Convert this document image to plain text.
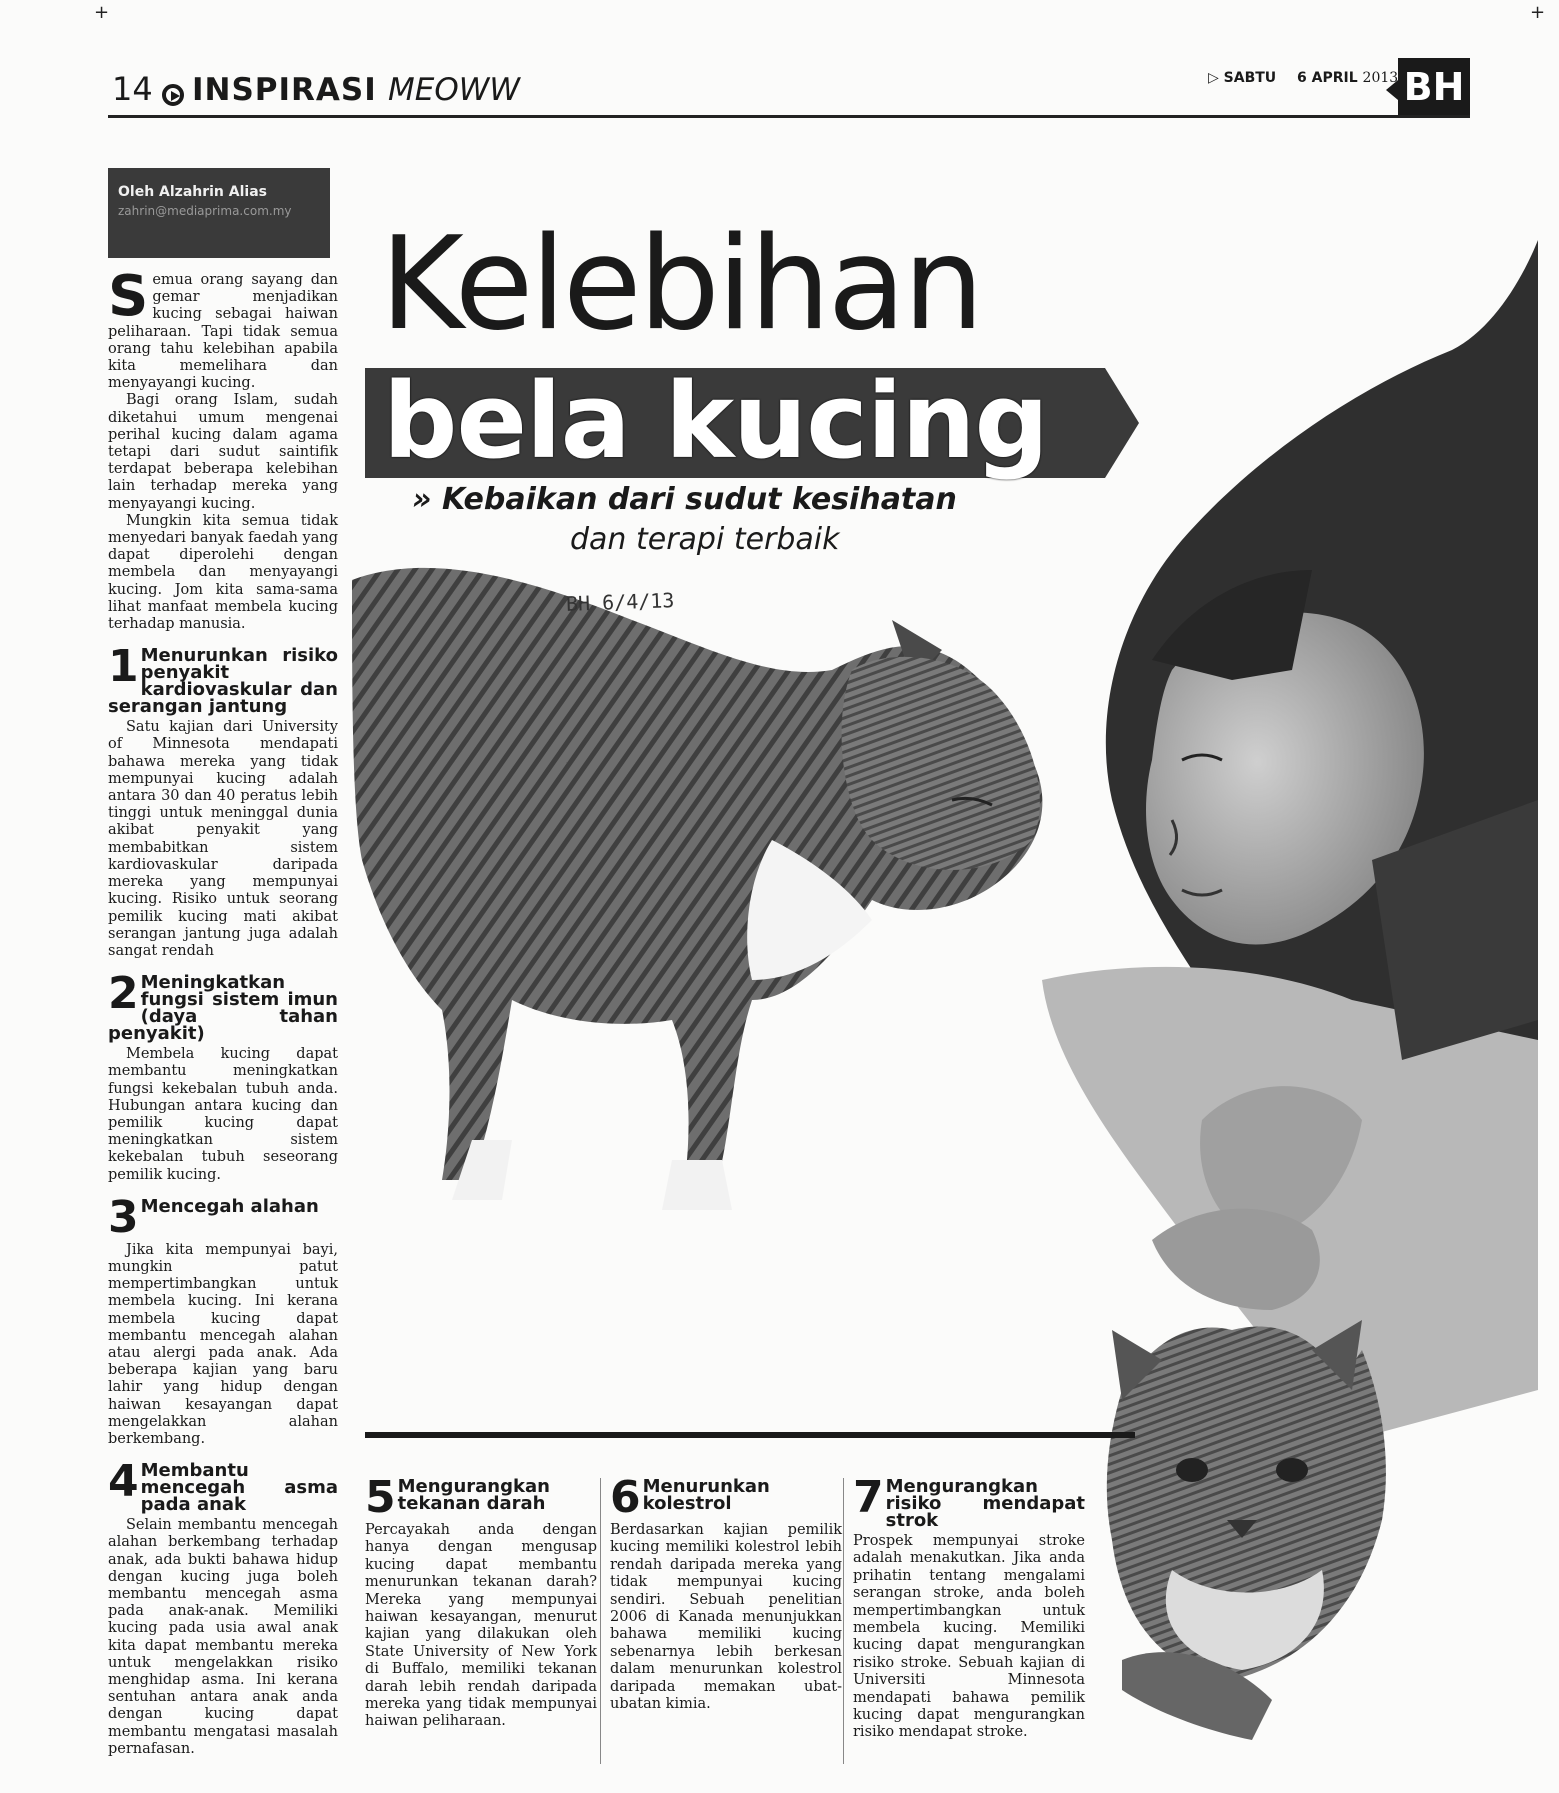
+	+
14 INSPIRASI MEOWW	▷ SABTU 6 APRIL 2013 BH
Oleh Alzahrin Alias
zahrin@mediaprima.com.my Kelebihan
bela kucing
» Kebaikan dari sudut kesihatan
dan terapi terbaik
BH 6/4/13

Semua orang sayang dan gemar menjadikan kucing sebagai haiwan peliharaan. Tapi tidak semua orang tahu kelebihan apabila kita memelihara dan menyayangi kucing.

Bagi orang Islam, sudah diketahui umum mengenai perihal kucing dalam agama tetapi dari sudut saintifik terdapat beberapa kelebihan lain terhadap mereka yang menyayangi kucing.

Mungkin kita semua tidak menyedari banyak faedah yang dapat diperolehi dengan membela dan menyayangi kucing. Jom kita sama-sama lihat manfaat membela kucing terhadap manusia.

1 Menurunkan risiko penyakit kardiovaskular dan serangan jantung

Satu kajian dari University of Minnesota mendapati bahawa mereka yang tidak mempunyai kucing adalah antara 30 dan 40 peratus lebih tinggi untuk meninggal dunia akibat penyakit yang membabitkan sistem kardiovaskular daripada mereka yang mempunyai kucing. Risiko untuk seorang pemilik kucing mati akibat serangan jantung juga adalah sangat rendah

2 Meningkatkan fungsi sistem imun (daya tahan penyakit)

Membela kucing dapat membantu meningkatkan fungsi kekebalan tubuh anda. Hubungan antara kucing dan pemilik kucing dapat meningkatkan sistem kekebalan tubuh seseorang pemilik kucing.

3 Mencegah alahan

Jika kita mempunyai bayi, mungkin patut mempertimbangkan untuk membela kucing. Ini kerana membela kucing dapat membantu mencegah alahan atau alergi pada anak. Ada beberapa kajian yang baru lahir yang hidup dengan haiwan kesayangan dapat mengelakkan alahan berkembang.

4 Membantu mencegah asma pada anak

Selain membantu mencegah alahan berkembang terhadap anak, ada bukti bahawa hidup dengan kucing juga boleh membantu mencegah asma pada anak-anak. Memiliki kucing pada usia awal anak kita dapat membantu mereka untuk mengelakkan risiko menghidap asma. Ini kerana sentuhan antara anak anda dengan kucing dapat membantu mengatasi masalah pernafasan.

5 Mengurangkan tekanan darah

Percayakah anda dengan hanya dengan mengusap kucing dapat membantu menurunkan tekanan darah? Mereka yang mempunyai haiwan kesayangan, menurut kajian yang dilakukan oleh State University of New York di Buffalo, memiliki tekanan darah lebih rendah daripada mereka yang tidak mempunyai haiwan peliharaan.

6 Menurunkan kolestrol

Berdasarkan kajian pemilik kucing memiliki kolestrol lebih rendah daripada mereka yang tidak mempunyai kucing sendiri. Sebuah penelitian 2006 di Kanada menunjukkan bahawa memiliki kucing sebenarnya lebih berkesan dalam menurunkan kolestrol daripada memakan ubat-ubatan kimia.

7 Mengurangkan risiko mendapat strok

Prospek mempunyai stroke adalah menakutkan. Jika anda prihatin tentang mengalami serangan stroke, anda boleh mempertimbangkan untuk membela kucing. Memiliki kucing dapat mengurangkan risiko stroke. Sebuah kajian di Universiti Minnesota mendapati bahawa pemilik kucing dapat mengurangkan risiko mendapat stroke.
